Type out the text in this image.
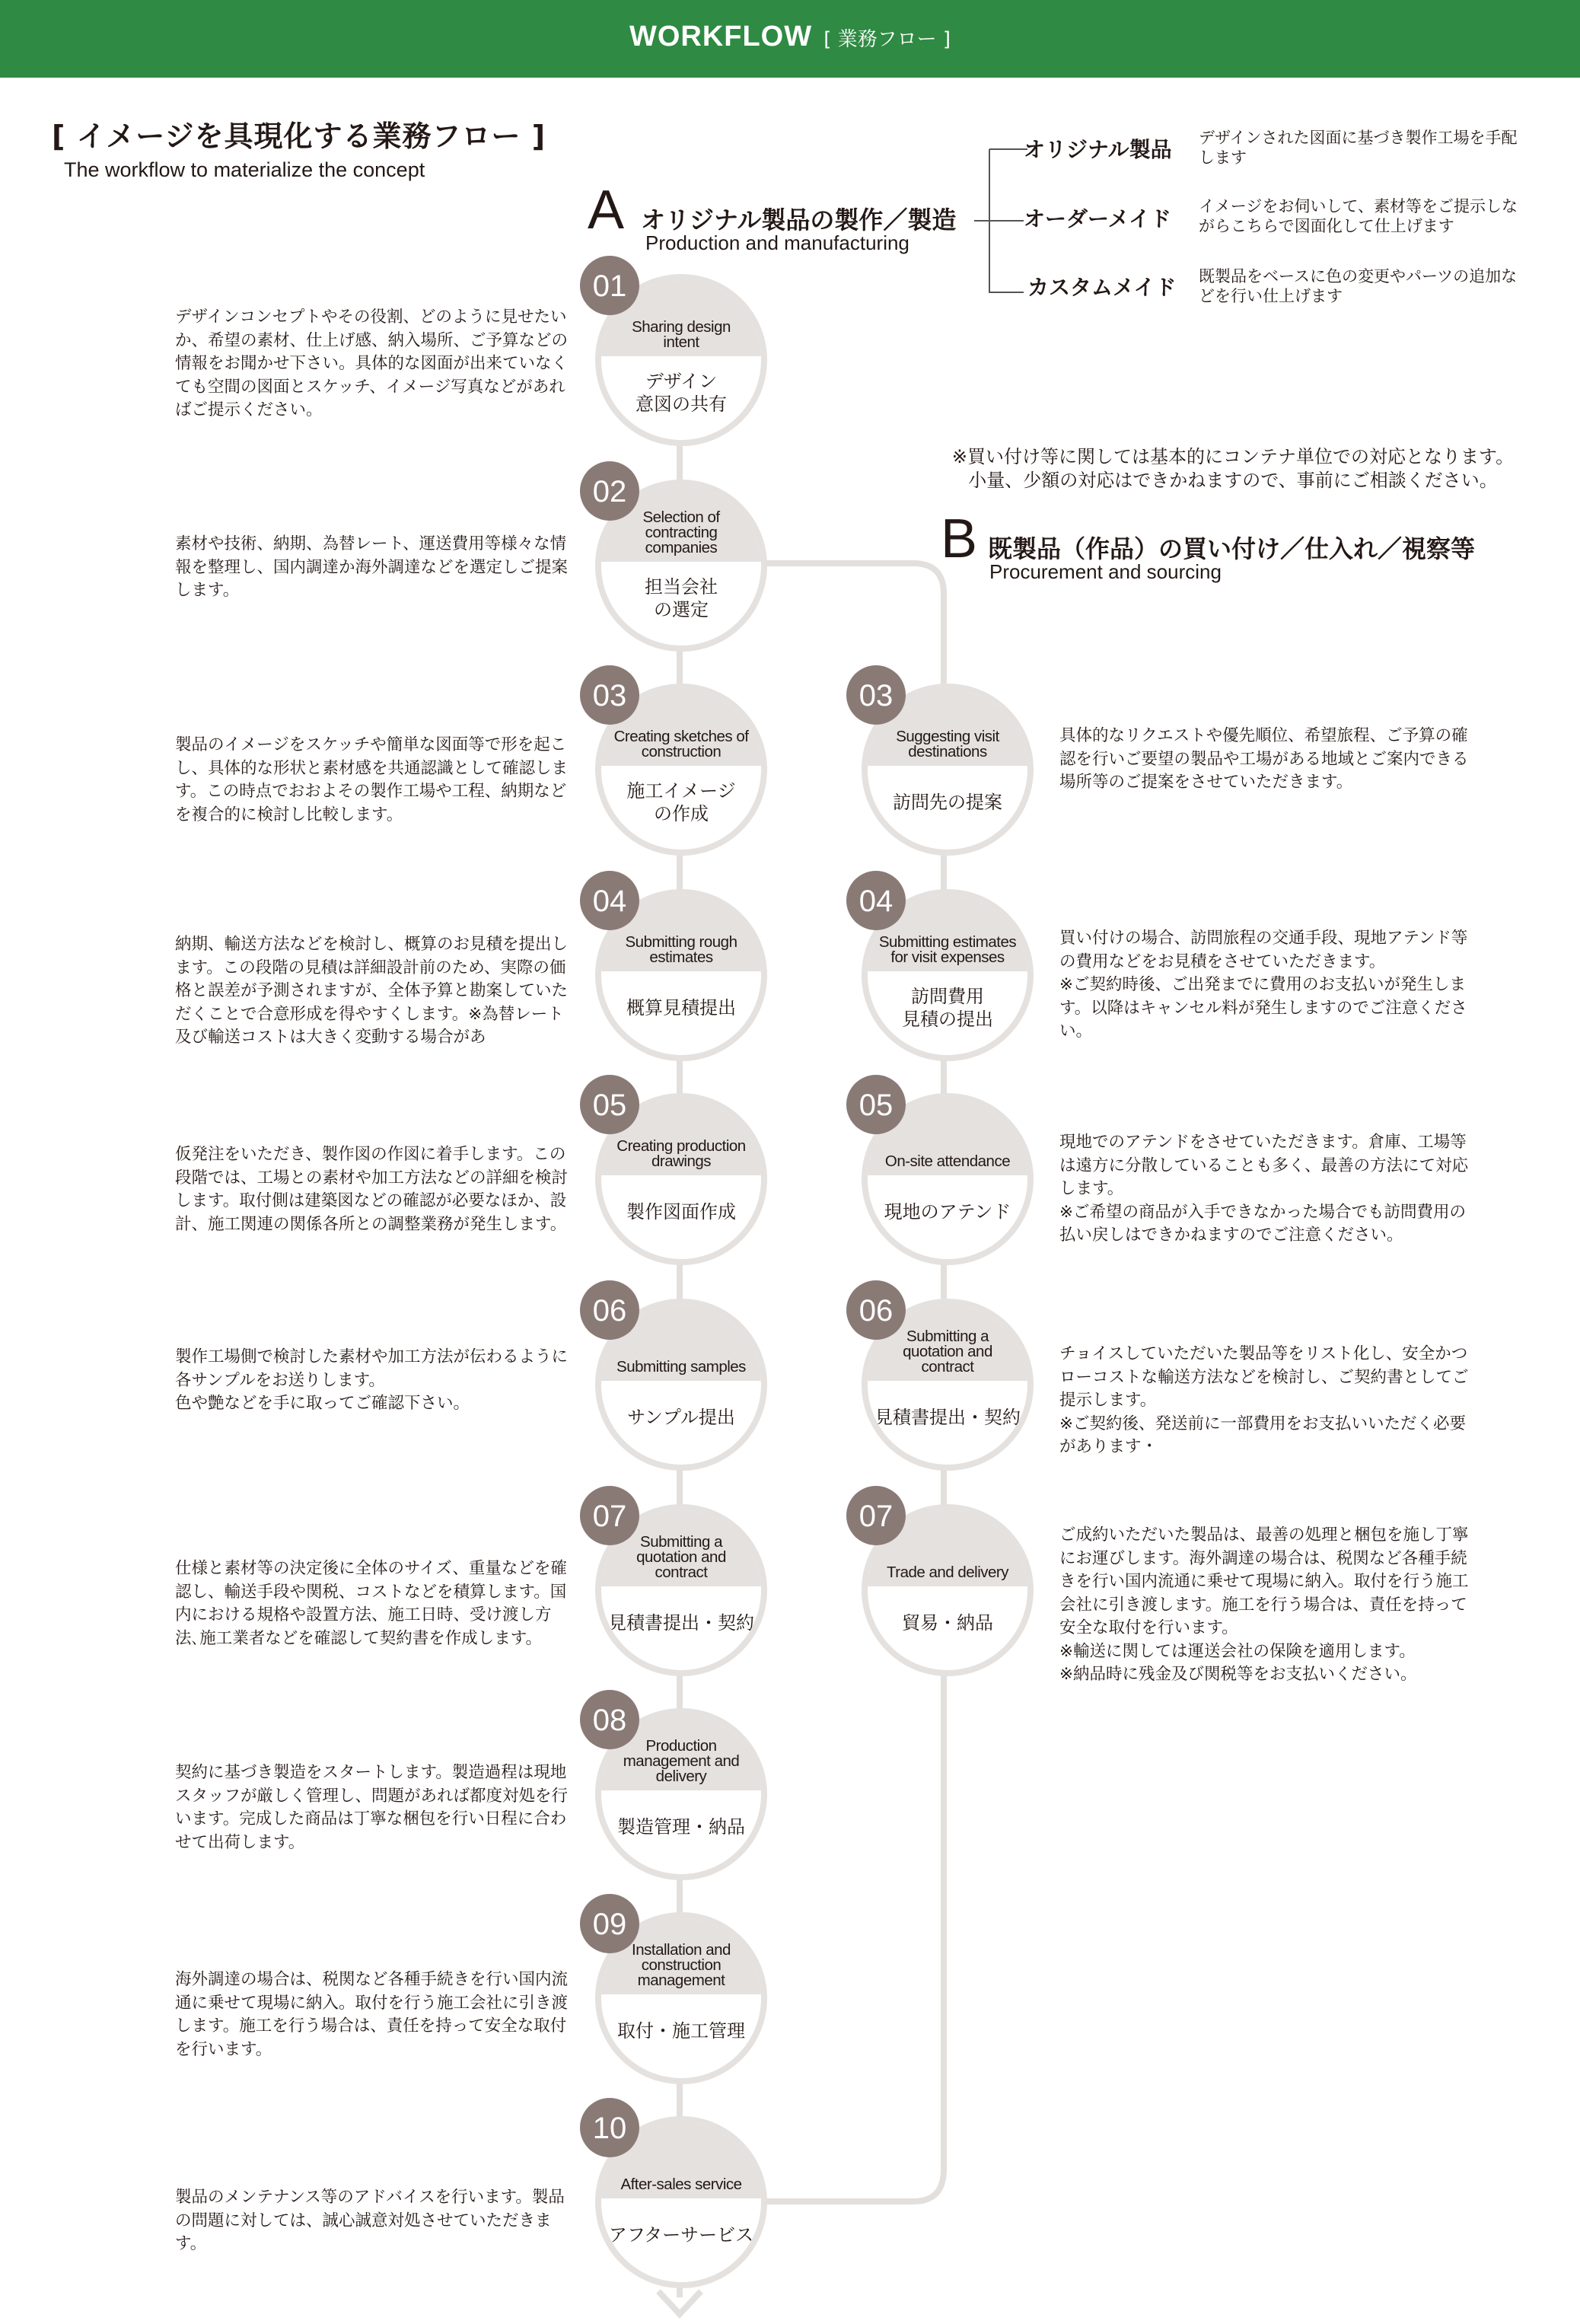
WORKFLOW [ 業務フロー ]
[ イメージを具現化する業務フロー ]
The workflow to materialize the concept
A オリジナル製品の製作／製造
Production and manufacturing
オリジナル製品 デザインされた図面に基づき製作工場を手配します
オーダーメイド イメージをお伺いして、素材等をご提示しながらこちらで図面化して仕上げます
カスタムメイド 既製品をベースに色の変更やパーツの追加などを行い仕上げます
※買い付け等に関しては基本的にコンテナ単位での対応となります。
小量、少額の対応はできかねますので、事前にご相談ください。
B 既製品（作品）の買い付け／仕入れ／視察等
Procurement and sourcing
01
Sharing design intent
デザイン
意図の共有
デザインコンセプトやその役割、どのように見せたいか、希望の素材、仕上げ感、納入場所、ご予算などの情報をお聞かせ下さい。具体的な図面が出来ていなくても空間の図面とスケッチ、イメージ写真などがあればご提示ください。
02
Selection of contracting companies
担当会社
の選定
素材や技術、納期、為替レート、運送費用等様々な情報を整理し、国内調達か海外調達などを選定しご提案します。
03
Creating sketches of construction
施工イメージ
の作成
製品のイメージをスケッチや簡単な図面等で形を起こし、具体的な形状と素材感を共通認識として確認します。この時点でおおよその製作工場や工程、納期などを複合的に検討し比較します。
04
Submitting rough estimates
概算見積提出
納期、輸送方法などを検討し、概算のお見積を提出します。この段階の見積は詳細設計前のため、実際の価格と誤差が予測されますが、全体予算と勘案していただくことで合意形成を得やすくします。※為替レート及び輸送コストは大きく変動する場合があ
05
Creating production drawings
製作図面作成
仮発注をいただき、製作図の作図に着手します。この段階では、工場との素材や加工方法などの詳細を検討します。取付側は建築図などの確認が必要なほか、設計、施工関連の関係各所との調整業務が発生します。
06
Submitting samples
サンプル提出
製作工場側で検討した素材や加工方法が伝わるように各サンプルをお送りします。
色や艶などを手に取ってご確認下さい。
07
Submitting a quotation and contract
見積書提出・契約
仕様と素材等の決定後に全体のサイズ、重量などを確認し、輸送手段や関税、コストなどを積算します。国内における規格や設置方法、施工日時、受け渡し方法､施工業者などを確認して契約書を作成します。
08
Production management and delivery
製造管理・納品
契約に基づき製造をスタートします。製造過程は現地スタッフが厳しく管理し、問題があれば都度対処を行います。完成した商品は丁寧な梱包を行い日程に合わせて出荷します。
09
Installation and construction management
取付・施工管理
海外調達の場合は、税関など各種手続きを行い国内流通に乗せて現場に納入。取付を行う施工会社に引き渡します。施工を行う場合は、責任を持って安全な取付を行います。
10
After-sales service
アフターサービス
製品のメンテナンス等のアドバイスを行います。製品の問題に対しては、誠心誠意対処させていただきます。
03
Suggesting visit destinations
訪問先の提案
具体的なリクエストや優先順位、希望旅程、ご予算の確認を行いご要望の製品や工場がある地域とご案内できる場所等のご提案をさせていただきます。
04
Submitting estimates for visit expenses
訪問費用
見積の提出
買い付けの場合、訪問旅程の交通手段、現地アテンド等の費用などをお見積をさせていただきます。
※ご契約時後、ご出発までに費用のお支払いが発生します。以降はキャンセル料が発生しますのでご注意ください。
05
On-site attendance
現地のアテンド
現地でのアテンドをさせていただきます。倉庫、工場等は遠方に分散していることも多く、最善の方法にて対応します。
※ご希望の商品が入手できなかった場合でも訪問費用の払い戻しはできかねますのでご注意ください。
06
Submitting a quotation and contract
見積書提出・契約
チョイスしていただいた製品等をリスト化し、安全かつローコストな輸送方法などを検討し、ご契約書としてご提示します。
※ご契約後、発送前に一部費用をお支払いいただく必要があります・
07
Trade and delivery
貿易・納品
ご成約いただいた製品は、最善の処理と梱包を施し丁寧にお運びします。海外調達の場合は、税関など各種手続きを行い国内流通に乗せて現場に納入。取付を行う施工会社に引き渡します。施工を行う場合は、責任を持って安全な取付を行います。
※輸送に関しては運送会社の保険を適用します。
※納品時に残金及び関税等をお支払いください。
